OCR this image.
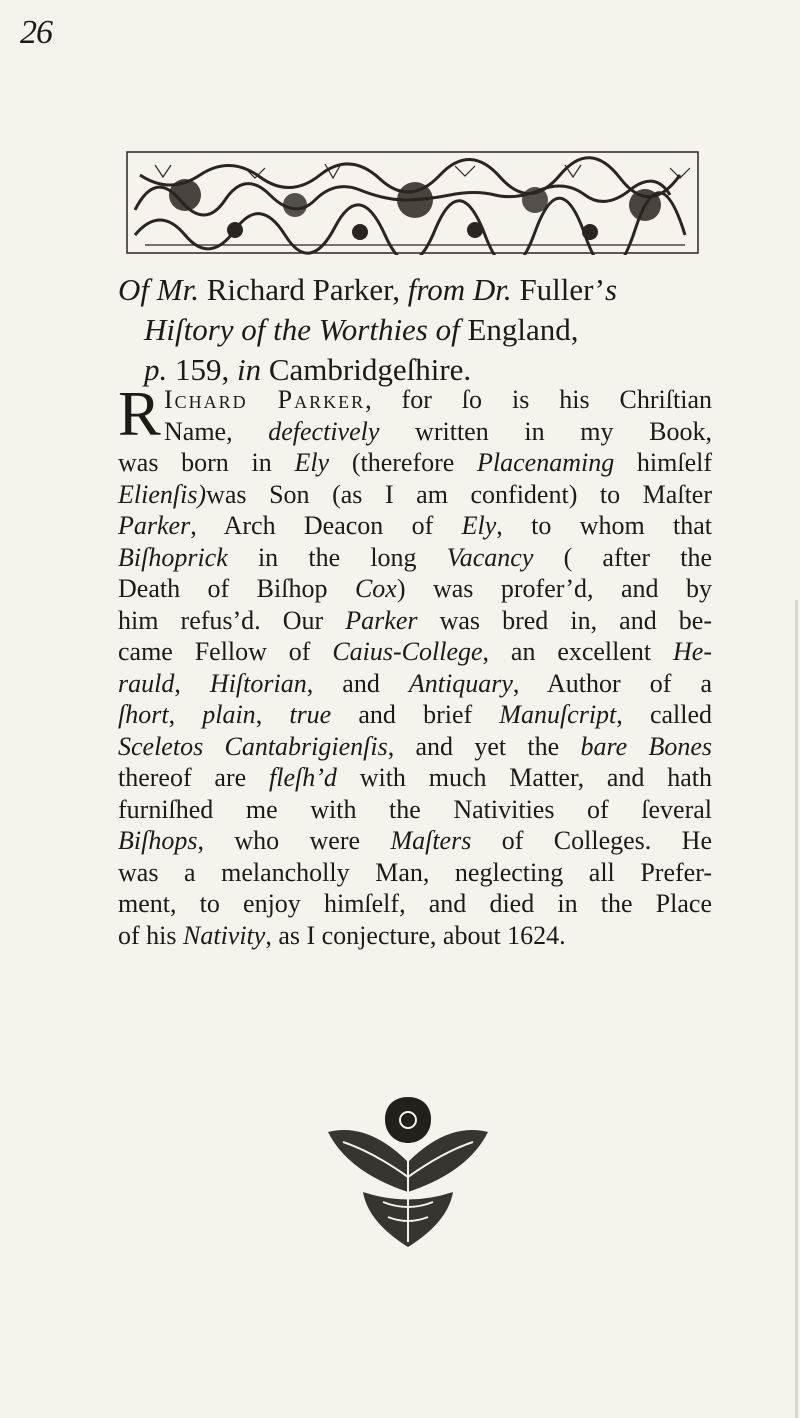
26
Of Mr. Richard Parker, from Dr. Fuller’s
Hiſtory of the Worthies of England,
p. 159, in Cambridgeſhire.
R Ichard Parker, for ſo is his Chriſtian
Name, defectively written in my Book,
was born in Ely (therefore Placenaming himſelf
Elienſis)was Son (as I am confident) to Maſter
Parker, Arch Deacon of Ely, to whom that
Biſhoprick in the long Vacancy ( after the
Death of Biſhop Cox) was profer’d, and by
him refus’d. Our Parker was bred in, and be-
came Fellow of Caius-College, an excellent He-
rauld, Hiſtorian, and Antiquary, Author of a
ſhort, plain, true and brief Manuſcript, called
Sceletos Cantabrigienſis, and yet the bare Bones
thereof are fleſh’d with much Matter, and hath
furniſhed me with the Nativities of ſeveral
Biſhops, who were Maſters of Colleges. He
was a melancholly Man, neglecting all Prefer-
ment, to enjoy himſelf, and died in the Place
of his Nativity, as I conjecture, about 1624.
